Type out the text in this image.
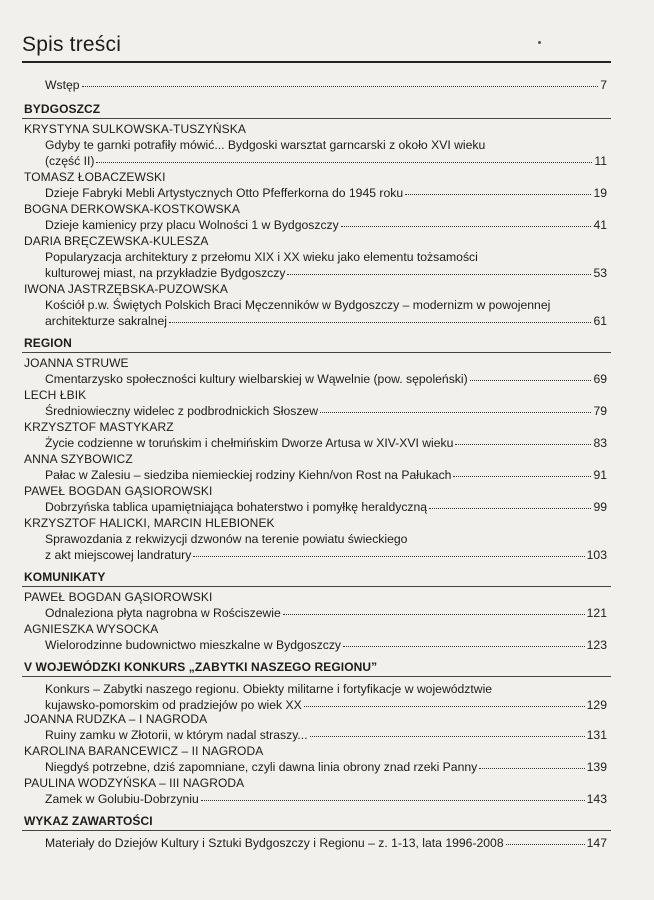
Spis treści
Wstęp	7
BYDGOSZCZ
KRYSTYNA SULKOWSKA-TUSZYŃSKA
Gdyby te garnki potrafiły mówić... Bydgoski warsztat garncarski z około XVI wieku
(część II)	11
TOMASZ ŁOBACZEWSKI
Dzieje Fabryki Mebli Artystycznych Otto Pfefferkorna do 1945 roku	19
BOGNA DERKOWSKA-KOSTKOWSKA
Dzieje kamienicy przy placu Wolności 1 w Bydgoszczy	41
DARIA BRĘCZEWSKA-KULESZA
Popularyzacja architektury z przełomu XIX i XX wieku jako elementu tożsamości
kulturowej miast, na przykładzie Bydgoszczy	53
IWONA JASTRZĘBSKA-PUZOWSKA
Kościół p.w. Świętych Polskich Braci Męczenników w Bydgoszczy – modernizm w powojennej
architekturze sakralnej	61
REGION
JOANNA STRUWE
Cmentarzysko społeczności kultury wielbarskiej w Wąwelnie (pow. sępoleński)	69
LECH ŁBIK
Średniowieczny widelec z podbrodnickich Słoszew	79
KRZYSZTOF MASTYKARZ
Życie codzienne w toruńskim i chełmińskim Dworze Artusa w XIV-XVI wieku	83
ANNA SZYBOWICZ
Pałac w Zalesiu – siedziba niemieckiej rodziny Kiehn/von Rost na Pałukach	91
PAWEŁ BOGDAN GĄSIOROWSKI
Dobrzyńska tablica upamiętniająca bohaterstwo i pomyłkę heraldyczną	99
KRZYSZTOF HALICKI, MARCIN HLEBIONEK
Sprawozdania z rekwizycji dzwonów na terenie powiatu świeckiego
z akt miejscowej landratury	103
KOMUNIKATY
PAWEŁ BOGDAN GĄSIOROWSKI
Odnaleziona płyta nagrobna w Rościszewie	121
AGNIESZKA WYSOCKA
Wielorodzinne budownictwo mieszkalne w Bydgoszczy	123
V WOJEWÓDZKI KONKURS „ZABYTKI NASZEGO REGIONU”
Konkurs – Zabytki naszego regionu. Obiekty militarne i fortyfikacje w województwie
kujawsko-pomorskim od pradziejów po wiek XX	129
JOANNA RUDZKA – I NAGRODA
Ruiny zamku w Złotorii, w którym nadal straszy...	131
KAROLINA BARANCEWICZ – II NAGRODA
Niegdyś potrzebne, dziś zapomniane, czyli dawna linia obrony znad rzeki Panny	139
PAULINA WODZYŃSKA – III NAGRODA
Zamek w Golubiu-Dobrzyniu	143
WYKAZ ZAWARTOŚCI
Materiały do Dziejów Kultury i Sztuki Bydgoszczy i Regionu – z. 1-13, lata 1996-2008	147
